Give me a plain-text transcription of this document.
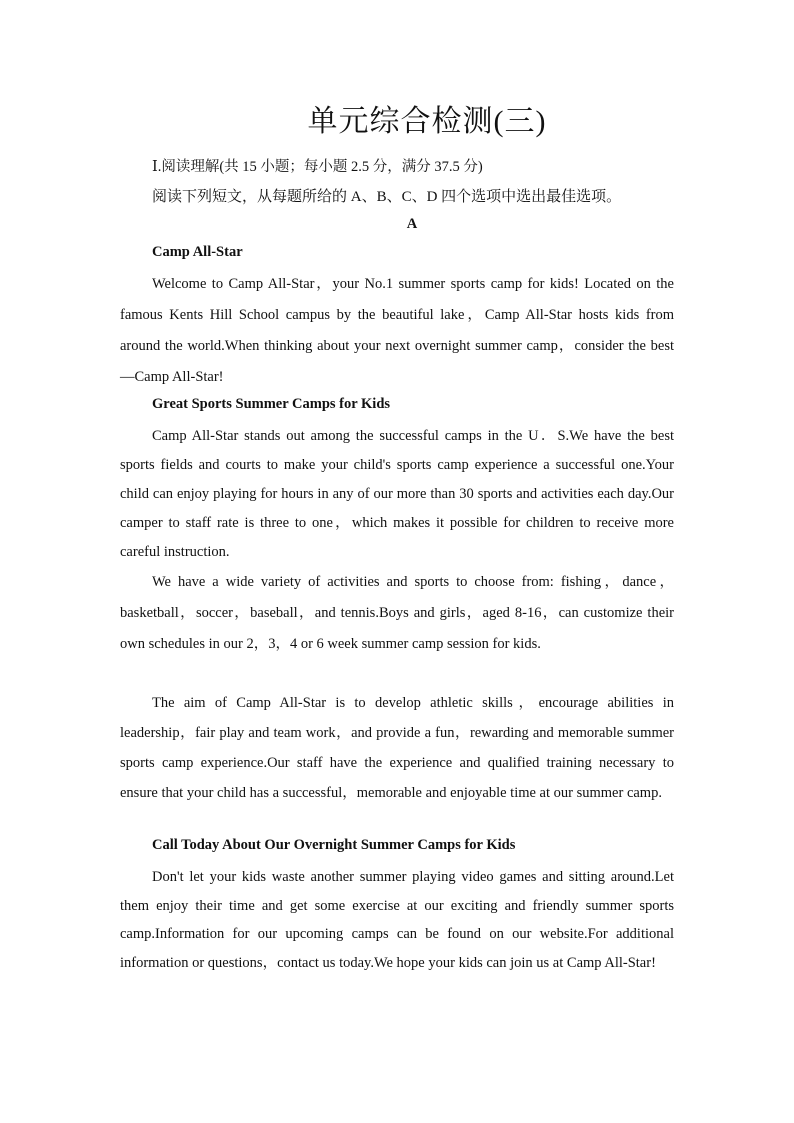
单元综合检测(三)
Ⅰ.阅读理解(共 15 小题；每小题 2.5 分，满分 37.5 分)
阅读下列短文，从每题所给的 A、B、C、D 四个选项中选出最佳选项。
A
Camp All-Star

Welcome to Camp All‐Star，your No.1 summer sports camp for kids! Located on the famous Kents Hill School campus by the beautiful lake，Camp All‐Star hosts kids from around the world.When thinking about your next overnight summer camp，consider the best—Camp All‐Star!

Great Sports Summer Camps for Kids

Camp All-Star stands out among the successful camps in the U．S.We have the best sports fields and courts to make your child's sports camp experience a successful one.Your child can enjoy playing for hours in any of our more than 30 sports and activities each day.Our camper to staff rate is three to one，which makes it possible for children to receive more careful instruction.

We have a wide variety of activities and sports to choose from: fishing，dance，basketball，soccer，baseball，and tennis.Boys and girls，aged 8‐16，can customize their own schedules in our 2，3，4 or 6 week summer camp session for kids.

The aim of Camp All‐Star is to develop athletic skills，encourage abilities in leadership，fair play and team work，and provide a fun，rewarding and memorable summer sports camp experience.Our staff have the experience and qualified training necessary to ensure that your child has a successful，memorable and enjoyable time at our summer camp.

Call Today About Our Overnight Summer Camps for Kids

Don't let your kids waste another summer playing video games and sitting around.Let them enjoy their time and get some exercise at our exciting and friendly summer sports camp.Information for our upcoming camps can be found on our website.For additional information or questions，contact us today.We hope your kids can join us at Camp All‐Star!
